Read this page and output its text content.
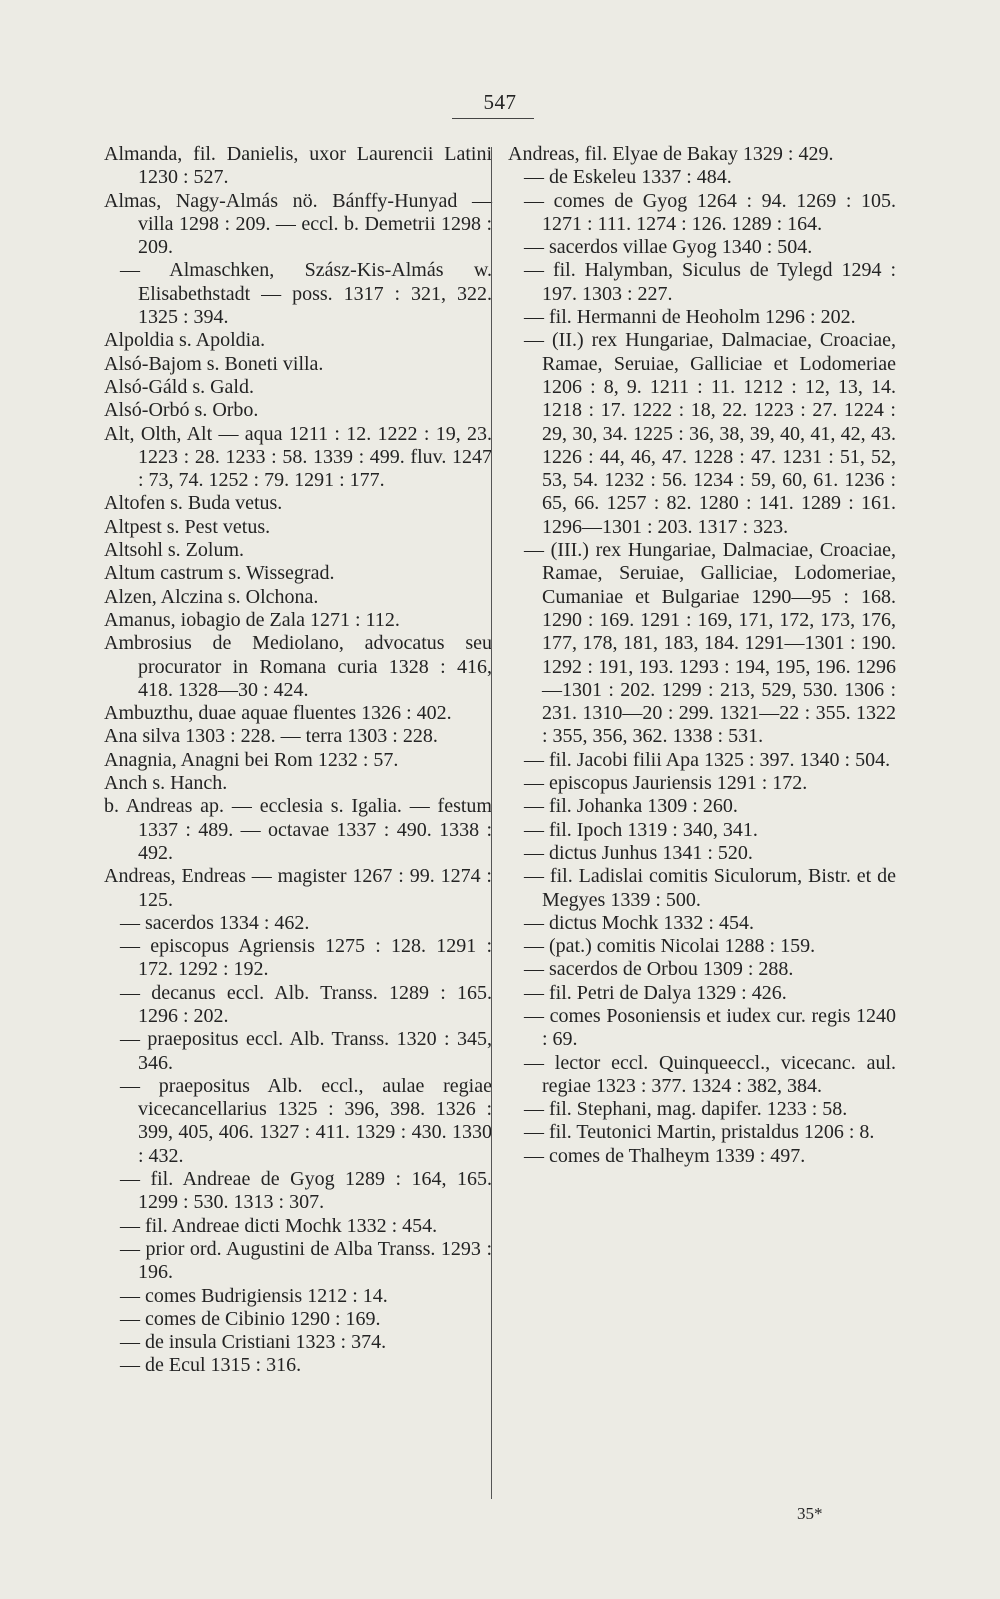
547

Almanda, fil. Danielis, uxor Laurencii Latini 1230 : 527.

Almas, Nagy-Almás nö. Bánffy-Hunyad — villa 1298 : 209. — eccl. b. Demetrii 1298 : 209.

— Almaschken, Szász-Kis-Almás w. Elisabethstadt — poss. 1317 : 321, 322. 1325 : 394.

Alpoldia s. Apoldia.

Alsó-Bajom s. Boneti villa.

Alsó-Gáld s. Gald.

Alsó-Orbó s. Orbo.

Alt, Olth, Alt — aqua 1211 : 12. 1222 : 19, 23. 1223 : 28. 1233 : 58. 1339 : 499. fluv. 1247 : 73, 74. 1252 : 79. 1291 : 177.

Altofen s. Buda vetus.

Altpest s. Pest vetus.

Altsohl s. Zolum.

Altum castrum s. Wissegrad.

Alzen, Alczina s. Olchona.

Amanus, iobagio de Zala 1271 : 112.

Ambrosius de Mediolano, advocatus seu procurator in Romana curia 1328 : 416, 418. 1328—30 : 424.

Ambuzthu, duae aquae fluentes 1326 : 402.

Ana silva 1303 : 228. — terra 1303 : 228.

Anagnia, Anagni bei Rom 1232 : 57.

Anch s. Hanch.

b. Andreas ap. — ecclesia s. Igalia. — festum 1337 : 489. — octavae 1337 : 490. 1338 : 492.

Andreas, Endreas — magister 1267 : 99. 1274 : 125.

— sacerdos 1334 : 462.

— episcopus Agriensis 1275 : 128. 1291 : 172. 1292 : 192.

— decanus eccl. Alb. Transs. 1289 : 165. 1296 : 202.

— praepositus eccl. Alb. Transs. 1320 : 345, 346.

— praepositus Alb. eccl., aulae regiae vicecancellarius 1325 : 396, 398. 1326 : 399, 405, 406. 1327 : 411. 1329 : 430. 1330 : 432.

— fil. Andreae de Gyog 1289 : 164, 165. 1299 : 530. 1313 : 307.

— fil. Andreae dicti Mochk 1332 : 454.

— prior ord. Augustini de Alba Transs. 1293 : 196.

— comes Budrigiensis 1212 : 14.

— comes de Cibinio 1290 : 169.

— de insula Cristiani 1323 : 374.

— de Ecul 1315 : 316.

Andreas, fil. Elyae de Bakay 1329 : 429.

— de Eskeleu 1337 : 484.

— comes de Gyog 1264 : 94. 1269 : 105. 1271 : 111. 1274 : 126. 1289 : 164.

— sacerdos villae Gyog 1340 : 504.

— fil. Halymban, Siculus de Tylegd 1294 : 197. 1303 : 227.

— fil. Hermanni de Heoholm 1296 : 202.

— (II.) rex Hungariae, Dalmaciae, Croaciae, Ramae, Seruiae, Galliciae et Lodomeriae 1206 : 8, 9. 1211 : 11. 1212 : 12, 13, 14. 1218 : 17. 1222 : 18, 22. 1223 : 27. 1224 : 29, 30, 34. 1225 : 36, 38, 39, 40, 41, 42, 43. 1226 : 44, 46, 47. 1228 : 47. 1231 : 51, 52, 53, 54. 1232 : 56. 1234 : 59, 60, 61. 1236 : 65, 66. 1257 : 82. 1280 : 141. 1289 : 161. 1296—1301 : 203. 1317 : 323.

— (III.) rex Hungariae, Dalmaciae, Croaciae, Ramae, Seruiae, Galliciae, Lodomeriae, Cumaniae et Bulgariae 1290—95 : 168. 1290 : 169. 1291 : 169, 171, 172, 173, 176, 177, 178, 181, 183, 184. 1291—1301 : 190. 1292 : 191, 193. 1293 : 194, 195, 196. 1296—1301 : 202. 1299 : 213, 529, 530. 1306 : 231. 1310—20 : 299. 1321—22 : 355. 1322 : 355, 356, 362. 1338 : 531.

— fil. Jacobi filii Apa 1325 : 397. 1340 : 504.

— episcopus Jauriensis 1291 : 172.

— fil. Johanka 1309 : 260.

— fil. Ipoch 1319 : 340, 341.

— dictus Junhus 1341 : 520.

— fil. Ladislai comitis Siculorum, Bistr. et de Megyes 1339 : 500.

— dictus Mochk 1332 : 454.

— (pat.) comitis Nicolai 1288 : 159.

— sacerdos de Orbou 1309 : 288.

— fil. Petri de Dalya 1329 : 426.

— comes Posoniensis et iudex cur. regis 1240 : 69.

— lector eccl. Quinqueeccl., vicecanc. aul. regiae 1323 : 377. 1324 : 382, 384.

— fil. Stephani, mag. dapifer. 1233 : 58.

— fil. Teutonici Martin, pristaldus 1206 : 8.

— comes de Thalheym 1339 : 497.

35*
